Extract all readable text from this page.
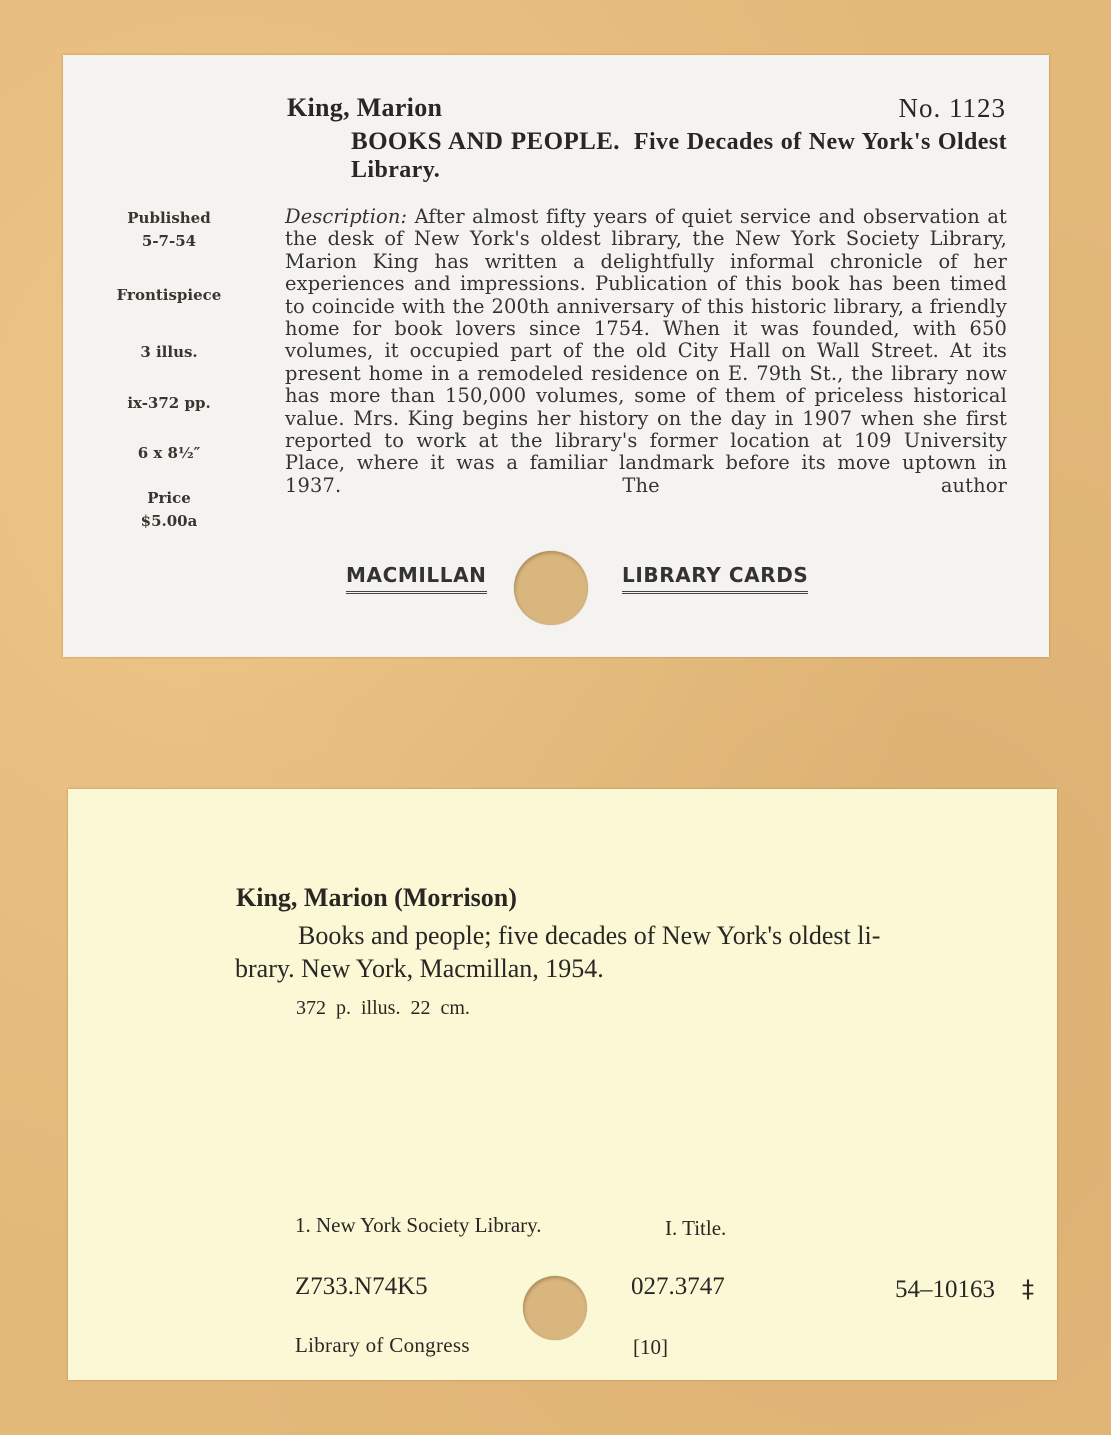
King, Marion	No. 1123
BOOKS AND PEOPLE. Five Decades of New York's Oldest Library.
Published
5-7-54
Frontispiece
3 illus.
ix-372 pp.
6 x 8½″
Price
$5.00a
Description: After almost fifty years of quiet service and observation at the desk of New York's oldest library, the New York Society Library, Marion King has written a delightfully informal chronicle of her experiences and impressions. Publication of this book has been timed to coincide with the 200th anniversary of this historic library, a friendly home for book lovers since 1754. When it was founded, with 650 volumes, it occupied part of the old City Hall on Wall Street. At its present home in a remodeled residence on E. 79th St., the library now has more than 150,000 volumes, some of them of priceless historical value. Mrs. King begins her history on the day in 1907 when she first reported to work at the library's former location at 109 University Place, where it was a familiar landmark before its move uptown in 1937. The author
MACMILLAN	LIBRARY CARDS
King, Marion (Morrison)
Books and people; five decades of New York's oldest li-
brary. New York, Macmillan, 1954.
372 p. illus. 22 cm.
1. New York Society Library.	I. Title.
Z733.N74K5	027.3747	54–10163 ‡
Library of Congress	[10]
